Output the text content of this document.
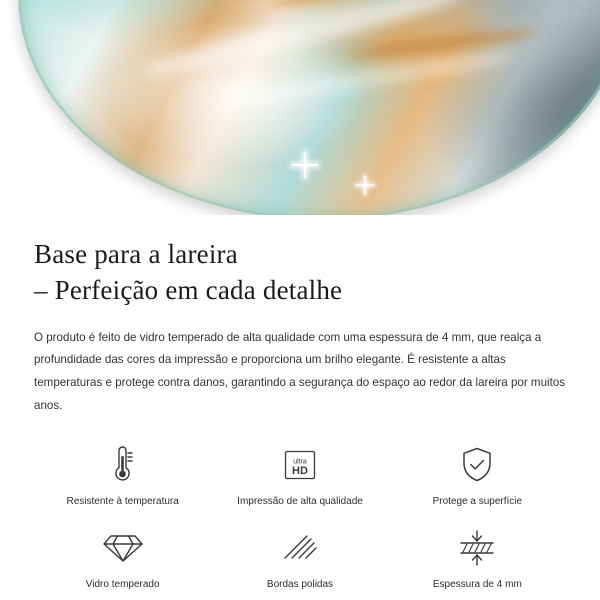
Base para a lareira
– Perfeição em cada detalhe

O produto é feito de vidro temperado de alta qualidade com uma espessura de 4 mm, que realça a profundidade das cores da impressão e proporciona um brilho elegante. É resistente a altas temperaturas e protege contra danos, garantindo a segurança do espaço ao redor da lareira por muitos anos.

Resistente à temperatura
ultra
HD
Impressão de alta qualidade	Protege a superfície
Vidro temperado	Bordas polidas	Espessura de 4 mm
